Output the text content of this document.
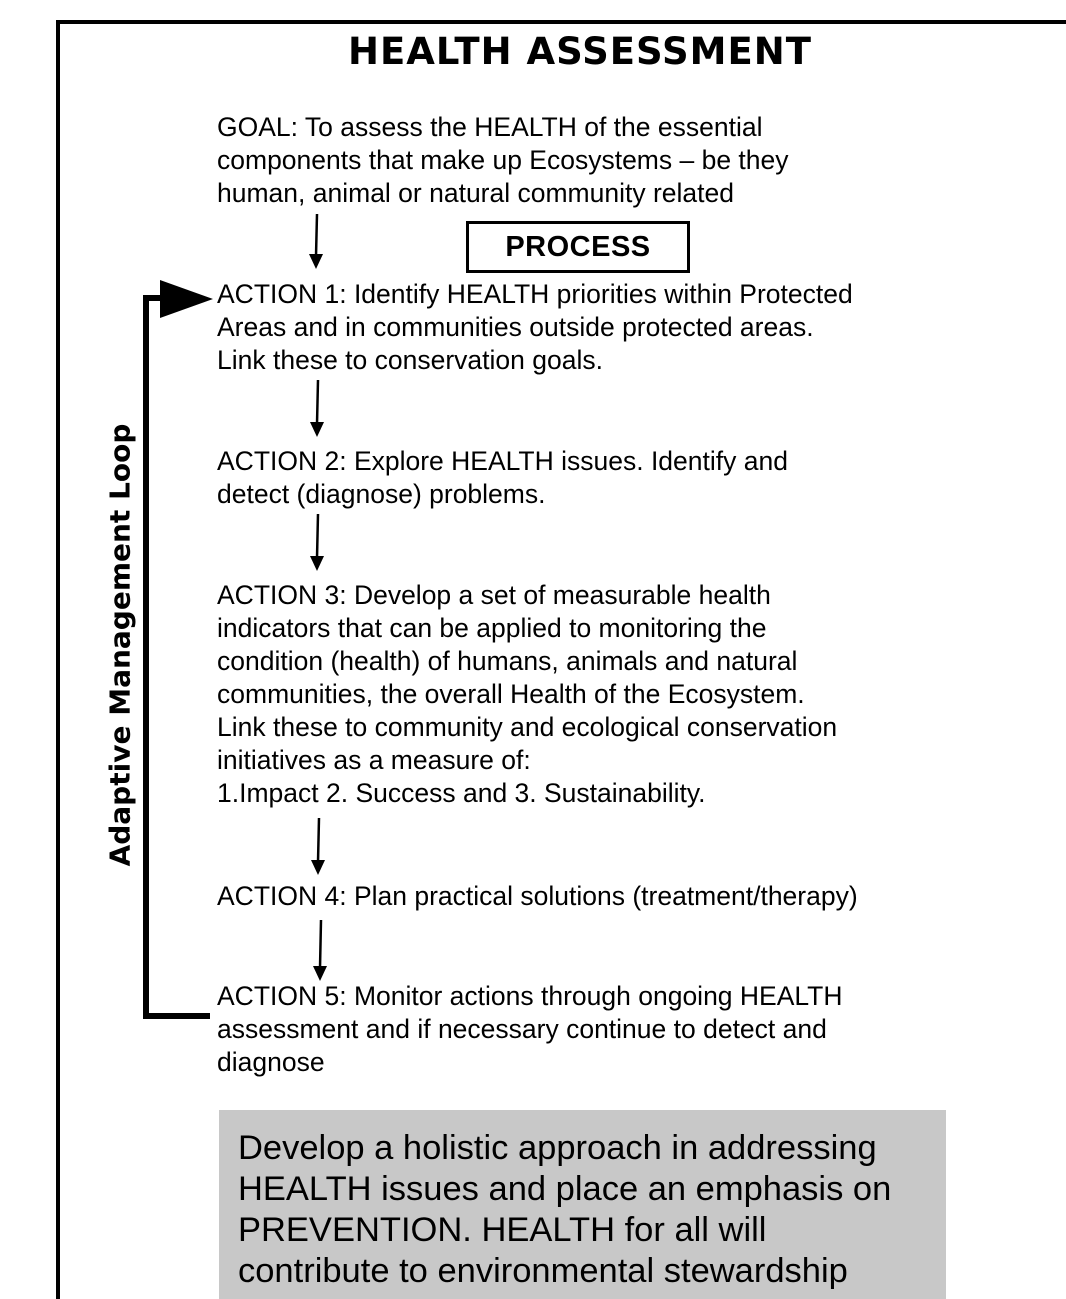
HEALTH ASSESSMENT
GOAL: To assess the HEALTH of the essential
components that make up Ecosystems – be they
human, animal or natural community related
PROCESS
ACTION 1: Identify HEALTH priorities within Protected
Areas and in communities outside protected areas.
Link these to conservation goals.
ACTION 2: Explore HEALTH issues. Identify and
detect (diagnose) problems.
ACTION 3: Develop a set of measurable health
indicators that can be applied to monitoring the
condition (health) of humans, animals and natural
communities, the overall Health of the Ecosystem.
Link these to community and ecological conservation
initiatives as a measure of:
1.Impact 2. Success and 3. Sustainability.
ACTION 4: Plan practical solutions (treatment/therapy)
ACTION 5: Monitor actions through ongoing HEALTH
assessment and if necessary continue to detect and
diagnose
Adaptive Management Loop
Develop a holistic approach in addressing
HEALTH issues and place an emphasis on
PREVENTION. HEALTH for all will
contribute to environmental stewardship
